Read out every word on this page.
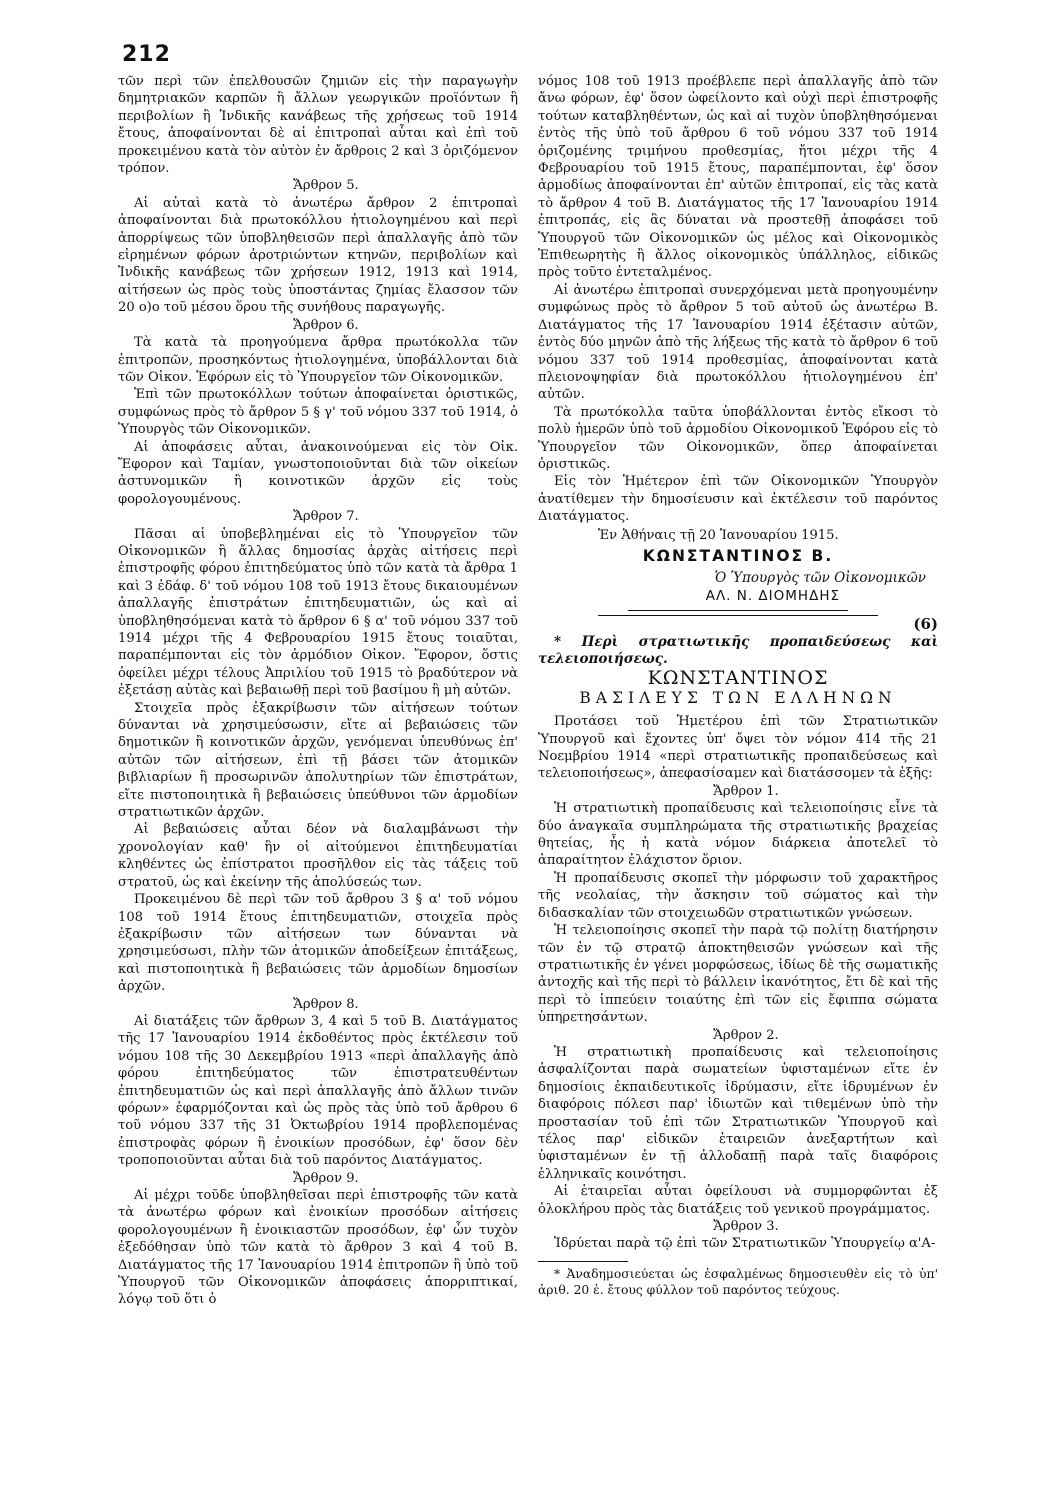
212

τῶν περὶ τῶν ἐπελθουσῶν ζημιῶν εἰς τὴν παραγωγὴν δημητριακῶν καρπῶν ἢ ἄλλων γεωργικῶν προϊόντων ἢ περιβολίων ἢ Ἰνδικῆς κανάβεως τῆς χρήσεως τοῦ 1914 ἔτους, ἀποφαίνονται δὲ αἱ ἐπιτροπαὶ αὗται καὶ ἐπὶ τοῦ προκειμένου κατὰ τὸν αὐτὸν ἐν ἄρθροις 2 καὶ 3 ὁριζόμενον τρόπον.

Ἄρθρον 5.

Αἱ αὐταὶ κατὰ τὸ ἀνωτέρω ἄρθρον 2 ἐπιτροπαὶ ἀποφαίνονται διὰ πρωτοκόλλου ἠτιολογημένου καὶ περὶ ἀπορρίψεως τῶν ὑποβληθεισῶν περὶ ἀπαλλαγῆς ἀπὸ τῶν εἰρημένων φόρων ἀροτριώντων κτηνῶν, περιβολίων καὶ Ἰνδικῆς κανάβεως τῶν χρήσεων 1912, 1913 καὶ 1914, αἰτήσεων ὡς πρὸς τοὺς ὑποστάντας ζημίας ἔλασσον τῶν 20 ο)ο τοῦ μέσου ὅρου τῆς συνήθους παραγωγῆς.

Ἄρθρον 6.

Τὰ κατὰ τὰ προηγούμενα ἄρθρα πρωτόκολλα τῶν ἐπιτροπῶν, προσηκόντως ἠτιολογημένα, ὑποβάλλονται διὰ τῶν Οἰκον. Ἐφόρων εἰς τὸ Ὑπουργεῖον τῶν Οἰκονομικῶν.

Ἐπὶ τῶν πρωτοκόλλων τούτων ἀποφαίνεται ὁριστικῶς, συμφώνως πρὸς τὸ ἄρθρον 5 § γ' τοῦ νόμου 337 τοῦ 1914, ὁ Ὑπουργὸς τῶν Οἰκονομικῶν.

Αἱ ἀποφάσεις αὗται, ἀνακοινούμεναι εἰς τὸν Οἰκ. Ἔφορον καὶ Ταμίαν, γνωστοποιοῦνται διὰ τῶν οἰκείων ἀστυνομικῶν ἢ κοινοτικῶν ἀρχῶν εἰς τοὺς φορολογουμένους.

Ἄρθρον 7.

Πᾶσαι αἱ ὑποβεβλημέναι εἰς τὸ Ὑπουργεῖον τῶν Οἰκονομικῶν ἢ ἄλλας δημοσίας ἀρχὰς αἰτήσεις περὶ ἐπιστροφῆς φόρου ἐπιτηδεύματος ὑπὸ τῶν κατὰ τὰ ἄρθρα 1 καὶ 3 ἐδάφ. δ' τοῦ νόμου 108 τοῦ 1913 ἔτους δικαιουμένων ἀπαλλαγῆς ἐπιστράτων ἐπιτηδευματιῶν, ὡς καὶ αἱ ὑποβληθησόμεναι κατὰ τὸ ἄρθρον 6 § α' τοῦ νόμου 337 τοῦ 1914 μέχρι τῆς 4 Φεβρουαρίου 1915 ἔτους τοιαῦται, παραπέμπονται εἰς τὸν ἁρμόδιον Οἰκον. Ἔφορον, ὅστις ὀφείλει μέχρι τέλους Ἀπριλίου τοῦ 1915 τὸ βραδύτερον νὰ ἐξετάσῃ αὐτὰς καὶ βεβαιωθῇ περὶ τοῦ βασίμου ἢ μὴ αὐτῶν.

Στοιχεῖα πρὸς ἐξακρίβωσιν τῶν αἰτήσεων τούτων δύνανται νὰ χρησιμεύσωσιν, εἴτε αἱ βεβαιώσεις τῶν δημοτικῶν ἢ κοινοτικῶν ἀρχῶν, γενόμεναι ὑπευθύνως ἐπ' αὐτῶν τῶν αἰτήσεων, ἐπὶ τῇ βάσει τῶν ἀτομικῶν βιβλιαρίων ἢ προσωρινῶν ἀπολυτηρίων τῶν ἐπιστράτων, εἴτε πιστοποιητικὰ ἢ βεβαιώσεις ὑπεύθυνοι τῶν ἁρμοδίων στρατιωτικῶν ἀρχῶν.

Αἱ βεβαιώσεις αὗται δέον νὰ διαλαμβάνωσι τὴν χρονολογίαν καθ' ἣν οἱ αἰτούμενοι ἐπιτηδευματίαι κληθέντες ὡς ἐπίστρατοι προσῆλθον εἰς τὰς τάξεις τοῦ στρατοῦ, ὡς καὶ ἐκείνην τῆς ἀπολύσεώς των.

Προκειμένου δὲ περὶ τῶν τοῦ ἄρθρου 3 § α' τοῦ νόμου 108 τοῦ 1914 ἔτους ἐπιτηδευματιῶν, στοιχεῖα πρὸς ἐξακρίβωσιν τῶν αἰτήσεων των δύνανται νὰ χρησιμεύσωσι, πλὴν τῶν ἀτομικῶν ἀποδείξεων ἐπιτάξεως, καὶ πιστοποιητικὰ ἢ βεβαιώσεις τῶν ἁρμοδίων δημοσίων ἀρχῶν.

Ἄρθρον 8.

Αἱ διατάξεις τῶν ἄρθρων 3, 4 καὶ 5 τοῦ Β. Διατάγματος τῆς 17 Ἰανουαρίου 1914 ἐκδοθέντος πρὸς ἐκτέλεσιν τοῦ νόμου 108 τῆς 30 Δεκεμβρίου 1913 «περὶ ἀπαλλαγῆς ἀπὸ φόρου ἐπιτηδεύματος τῶν ἐπιστρατευθέντων ἐπιτηδευματιῶν ὡς καὶ περὶ ἀπαλλαγῆς ἀπὸ ἄλλων τινῶν φόρων» ἐφαρμόζονται καὶ ὡς πρὸς τὰς ὑπὸ τοῦ ἄρθρου 6 τοῦ νόμου 337 τῆς 31 Ὀκτωβρίου 1914 προβλεπομένας ἐπιστροφὰς φόρων ἢ ἐνοικίων προσόδων, ἐφ' ὅσον δὲν τροποποιοῦνται αὗται διὰ τοῦ παρόντος Διατάγματος.

Ἄρθρον 9.

Αἱ μέχρι τοῦδε ὑποβληθεῖσαι περὶ ἐπιστροφῆς τῶν κατὰ τὰ ἀνωτέρω φόρων καὶ ἐνοικίων προσόδων αἰτήσεις φορολογουμένων ἢ ἐνοικιαστῶν προσόδων, ἐφ' ὧν τυχὸν ἐξεδόθησαν ὑπὸ τῶν κατὰ τὸ ἄρθρον 3 καὶ 4 τοῦ Β. Διατάγματος τῆς 17 Ἰανουαρίου 1914 ἐπιτροπῶν ἢ ὑπὸ τοῦ Ὑπουργοῦ τῶν Οἰκονομικῶν ἀποφάσεις ἀπορριπτικαί, λόγῳ τοῦ ὅτι ὁ

νόμος 108 τοῦ 1913 προέβλεπε περὶ ἀπαλλαγῆς ἀπὸ τῶν ἄνω φόρων, ἐφ' ὅσον ὠφείλοντο καὶ οὐχὶ περὶ ἐπιστροφῆς τούτων καταβληθέντων, ὡς καὶ αἱ τυχὸν ὑποβληθησόμεναι ἐντὸς τῆς ὑπὸ τοῦ ἄρθρου 6 τοῦ νόμου 337 τοῦ 1914 ὁριζομένης τριμήνου προθεσμίας, ἤτοι μέχρι τῆς 4 Φεβρουαρίου τοῦ 1915 ἔτους, παραπέμπονται, ἐφ' ὅσον ἁρμοδίως ἀποφαίνονται ἐπ' αὐτῶν ἐπιτροπαί, εἰς τὰς κατὰ τὸ ἄρθρον 4 τοῦ Β. Διατάγματος τῆς 17 Ἰανουαρίου 1914 ἐπιτροπάς, εἰς ἃς δύναται νὰ προστεθῇ ἀποφάσει τοῦ Ὑπουργοῦ τῶν Οἰκονομικῶν ὡς μέλος καὶ Οἰκονομικὸς Ἐπιθεωρητὴς ἢ ἄλλος οἰκονομικὸς ὑπάλληλος, εἰδικῶς πρὸς τοῦτο ἐντεταλμένος.

Αἱ ἀνωτέρω ἐπιτροπαὶ συνερχόμεναι μετὰ προηγουμένην συμφώνως πρὸς τὸ ἄρθρον 5 τοῦ αὐτοῦ ὡς ἀνωτέρω Β. Διατάγματος τῆς 17 Ἰανουαρίου 1914 ἐξέτασιν αὐτῶν, ἐντὸς δύο μηνῶν ἀπὸ τῆς λήξεως τῆς κατὰ τὸ ἄρθρον 6 τοῦ νόμου 337 τοῦ 1914 προθεσμίας, ἀποφαίνονται κατὰ πλειονοψηφίαν διὰ πρωτοκόλλου ἠτιολογημένου ἐπ' αὐτῶν.

Τὰ πρωτόκολλα ταῦτα ὑποβάλλονται ἐντὸς εἴκοσι τὸ πολὺ ἡμερῶν ὑπὸ τοῦ ἁρμοδίου Οἰκονομικοῦ Ἐφόρου εἰς τὸ Ὑπουργεῖον τῶν Οἰκονομικῶν, ὅπερ ἀποφαίνεται ὁριστικῶς.

Εἰς τὸν Ἡμέτερον ἐπὶ τῶν Οἰκονομικῶν Ὑπουργὸν ἀνατίθεμεν τὴν δημοσίευσιν καὶ ἐκτέλεσιν τοῦ παρόντος Διατάγματος.

Ἐν Ἀθήναις τῇ 20 Ἰανουαρίου 1915.

ΚΩΝΣΤΑΝΤΙΝΟΣ Β.

Ὁ Ὑπουργὸς τῶν Οἰκονομικῶν

ΑΛ. Ν. ΔΙΟΜΗΔΗΣ

(6)

* Περὶ στρατιωτικῆς προπαιδεύσεως καὶ τελειοποιήσεως.

ΚΩΝΣΤΑΝΤΙΝΟΣ
ΒΑΣΙΛΕΥΣ ΤΩΝ ΕΛΛΗΝΩΝ

Προτάσει τοῦ Ἡμετέρου ἐπὶ τῶν Στρατιωτικῶν Ὑπουργοῦ καὶ ἔχοντες ὑπ' ὄψει τὸν νόμον 414 τῆς 21 Νοεμβρίου 1914 «περὶ στρατιωτικῆς προπαιδεύσεως καὶ τελειοποιήσεως», ἀπεφασίσαμεν καὶ διατάσσομεν τὰ ἑξῆς:

Ἄρθρον 1.

Ἡ στρατιωτικὴ προπαίδευσις καὶ τελειοποίησις εἶνε τὰ δύο ἀναγκαῖα συμπληρώματα τῆς στρατιωτικῆς βραχείας θητείας, ἧς ἡ κατὰ νόμον διάρκεια ἀποτελεῖ τὸ ἀπαραίτητον ἐλάχιστον ὅριον.

Ἡ προπαίδευσις σκοπεῖ τὴν μόρφωσιν τοῦ χαρακτῆρος τῆς νεολαίας, τὴν ἄσκησιν τοῦ σώματος καὶ τὴν διδασκαλίαν τῶν στοιχειωδῶν στρατιωτικῶν γνώσεων.

Ἡ τελειοποίησις σκοπεῖ τὴν παρὰ τῷ πολίτῃ διατήρησιν τῶν ἐν τῷ στρατῷ ἀποκτηθεισῶν γνώσεων καὶ τῆς στρατιωτικῆς ἐν γένει μορφώσεως, ἰδίως δὲ τῆς σωματικῆς ἀντοχῆς καὶ τῆς περὶ τὸ βάλλειν ἱκανότητος, ἔτι δὲ καὶ τῆς περὶ τὸ ἱππεύειν τοιαύτης ἐπὶ τῶν εἰς ἔφιππα σώματα ὑπηρετησάντων.

Ἄρθρον 2.

Ἡ στρατιωτικὴ προπαίδευσις καὶ τελειοποίησις ἀσφαλίζονται παρὰ σωματείων ὑφισταμένων εἴτε ἐν δημοσίοις ἐκπαιδευτικοῖς ἱδρύμασιν, εἴτε ἱδρυμένων ἐν διαφόροις πόλεσι παρ' ἰδιωτῶν καὶ τιθεμένων ὑπὸ τὴν προστασίαν τοῦ ἐπὶ τῶν Στρατιωτικῶν Ὑπουργοῦ καὶ τέλος παρ' εἰδικῶν ἑταιρειῶν ἀνεξαρτήτων καὶ ὑφισταμένων ἐν τῇ ἀλλοδαπῇ παρὰ ταῖς διαφόροις ἑλληνικαῖς κοινότησι.

Αἱ ἑταιρεῖαι αὗται ὀφείλουσι νὰ συμμορφῶνται ἐξ ὁλοκλήρου πρὸς τὰς διατάξεις τοῦ γενικοῦ προγράμματος.

Ἄρθρον 3.

Ἱδρύεται παρὰ τῷ ἐπὶ τῶν Στρατιωτικῶν Ὑπουργείῳ α'Α-

* Ἀναδημοσιεύεται ὡς ἐσφαλμένως δημοσιευθὲν εἰς τὸ ὑπ' ἀριθ. 20 ἐ. ἔτους φύλλον τοῦ παρόντος τεύχους.
